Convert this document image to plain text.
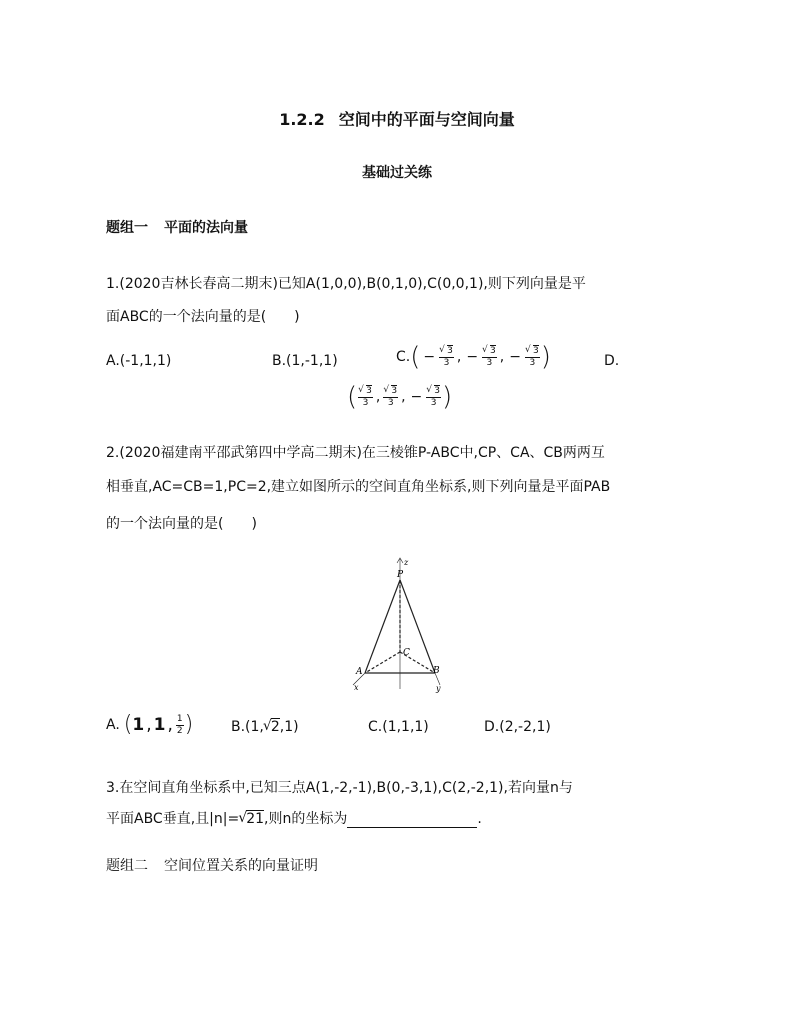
1.2.2 空间中的平面与空间向量
基础过关练
题组一 平面的法向量
1.(2020吉林长春高二期末)已知A(1,0,0),B(0,1,0),C(0,0,1),则下列向量是平
面ABC的一个法向量的是(　　)
A.(-1,1,1)	B.(1,-1,1)	C. ( − √ $\frac{3}{3}$ , − √ $\frac{3}{3}$ , − √ $\frac{3}{3}$ )	D.
( √ $\frac{3}{3}$ , √ $\frac{3}{3}$ , − √ $\frac{3}{3}$ )
2.(2020福建南平邵武第四中学高二期末)在三棱锥P-ABC中,CP、CA、CB两两互
相垂直,AC=CB=1,PC=2,建立如图所示的空间直角坐标系,则下列向量是平面PAB
的一个法向量的是(　　)
z
P
C
A	B
x	y
A. ( 1 , 1 , $\frac{1}{2}$ )	B.(1, √ 2 ,1)	C.(1,1,1)	D.(2,-2,1)
3.在空间直角坐标系中,已知三点A(1,-2,-1),B(0,-3,1),C(2,-2,1),若向量n与
平面ABC垂直,且|n|= √ 21,则n的坐标为	.
题组二 空间位置关系的向量证明
